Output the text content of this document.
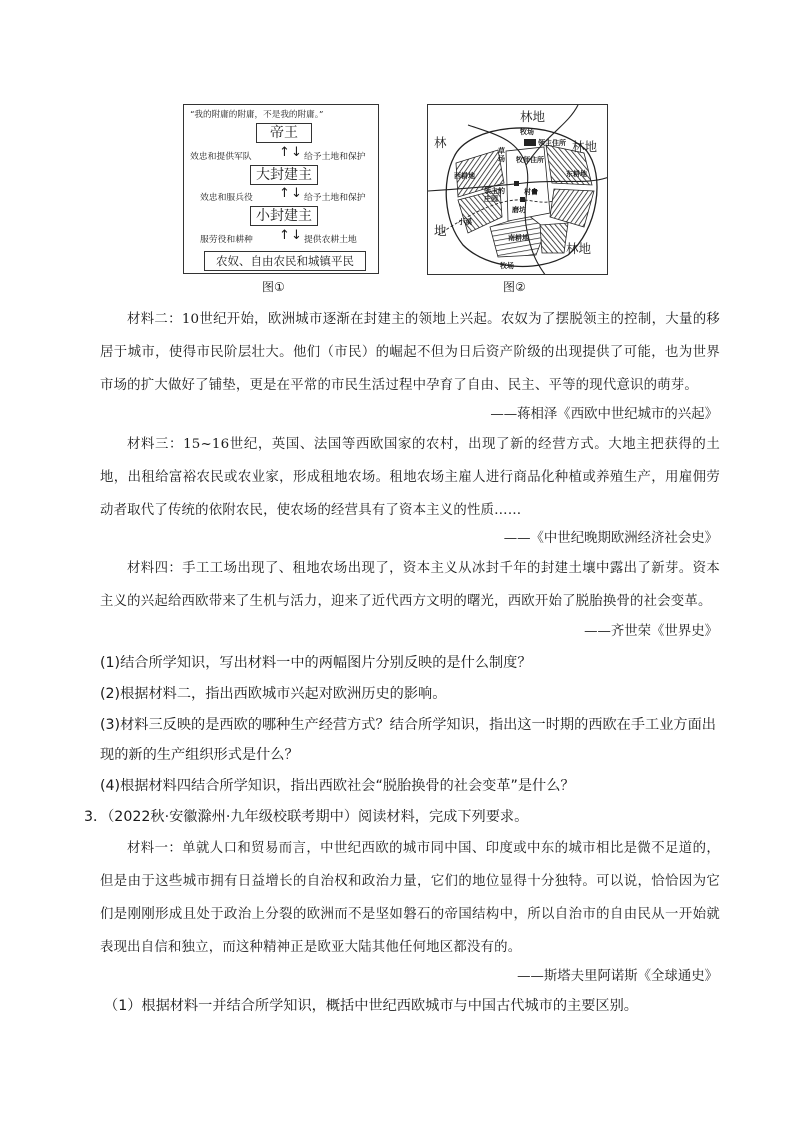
“我的附庸的附庸，不是我的附庸。”
帝王
效忠和提供军队 ↑ ↓ 给予土地和保护
大封建主
效忠和服兵役 ↑ ↓ 给予土地和保护
小封建主
服劳役和耕种 ↑ ↓ 提供农耕土地
农奴、自由农民和城镇平民
图①
林地
林
地
林地
林地
牧场
牧场
领主住所
牧师住所
领主的庄园
村舍
西耕地	东耕地
南耕地
草场
磨坊
小溪
图②
材料二：10世纪开始，欧洲城市逐渐在封建主的领地上兴起。农奴为了摆脱领主的控制，大量的移居于城市，使得市民阶层壮大。他们（市民）的崛起不但为日后资产阶级的出现提供了可能，也为世界市场的扩大做好了铺垫，更是在平常的市民生活过程中孕育了自由、民主、平等的现代意识的萌芽。
——蒋相泽《西欧中世纪城市的兴起》
材料三：15~16世纪，英国、法国等西欧国家的农村，出现了新的经营方式。大地主把获得的土地，出租给富裕农民或农业家，形成租地农场。租地农场主雇人进行商品化种植或养殖生产，用雇佣劳动者取代了传统的依附农民，使农场的经营具有了资本主义的性质……
——《中世纪晚期欧洲经济社会史》
材料四：手工工场出现了、租地农场出现了，资本主义从冰封千年的封建土壤中露出了新芽。资本主义的兴起给西欧带来了生机与活力，迎来了近代西方文明的曙光，西欧开始了脱胎换骨的社会变革。
——齐世荣《世界史》
(1)结合所学知识，写出材料一中的两幅图片分别反映的是什么制度？
(2)根据材料二，指出西欧城市兴起对欧洲历史的影响。
(3)材料三反映的是西欧的哪种生产经营方式？结合所学知识，指出这一时期的西欧在手工业方面出现的新的生产组织形式是什么？
(4)根据材料四结合所学知识，指出西欧社会“脱胎换骨的社会变革”是什么？
3．（2022秋·安徽滁州·九年级校联考期中）阅读材料，完成下列要求。
材料一：单就人口和贸易而言，中世纪西欧的城市同中国、印度或中东的城市相比是微不足道的，但是由于这些城市拥有日益增长的自治权和政治力量，它们的地位显得十分独特。可以说，恰恰因为它们是刚刚形成且处于政治上分裂的欧洲而不是坚如磐石的帝国结构中，所以自治市的自由民从一开始就表现出自信和独立，而这种精神正是欧亚大陆其他任何地区都没有的。
——斯塔夫里阿诺斯《全球通史》
（1）根据材料一并结合所学知识，概括中世纪西欧城市与中国古代城市的主要区别。
